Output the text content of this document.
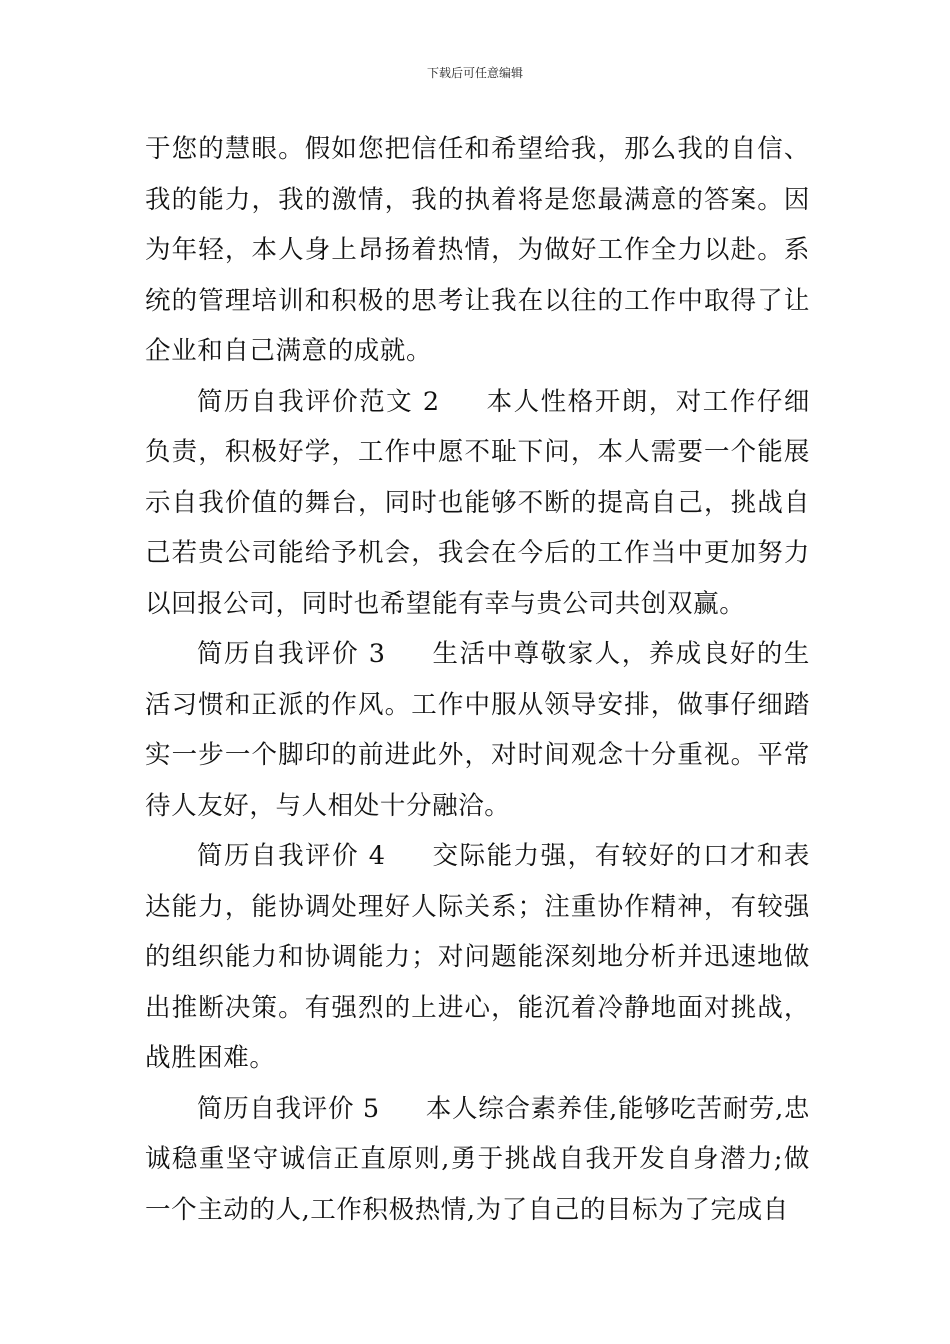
下载后可任意编辑

于您的慧眼。假如您把信任和希望给我，那么我的自信、我的能力，我的激情，我的执着将是您最满意的答案。因为年轻，本人身上昂扬着热情，为做好工作全力以赴。系统的管理培训和积极的思考让我在以往的工作中取得了让企业和自己满意的成就。

简历自我评价范文 2 本人性格开朗，对工作仔细负责，积极好学，工作中愿不耻下问，本人需要一个能展示自我价值的舞台，同时也能够不断的提高自己，挑战自己若贵公司能给予机会，我会在今后的工作当中更加努力以回报公司，同时也希望能有幸与贵公司共创双赢。

简历自我评价 3 生活中尊敬家人，养成良好的生活习惯和正派的作风。工作中服从领导安排，做事仔细踏实一步一个脚印的前进此外，对时间观念十分重视。平常待人友好，与人相处十分融洽。

简历自我评价 4 交际能力强，有较好的口才和表达能力，能协调处理好人际关系；注重协作精神，有较强的组织能力和协调能力；对问题能深刻地分析并迅速地做出推断决策。有强烈的上进心，能沉着冷静地面对挑战，战胜困难。

简历自我评价 5 本人综合素养佳,能够吃苦耐劳,忠诚稳重坚守诚信正直原则,勇于挑战自我开发自身潜力;做一个主动的人,工作积极热情,为了自己的目标为了完成自
